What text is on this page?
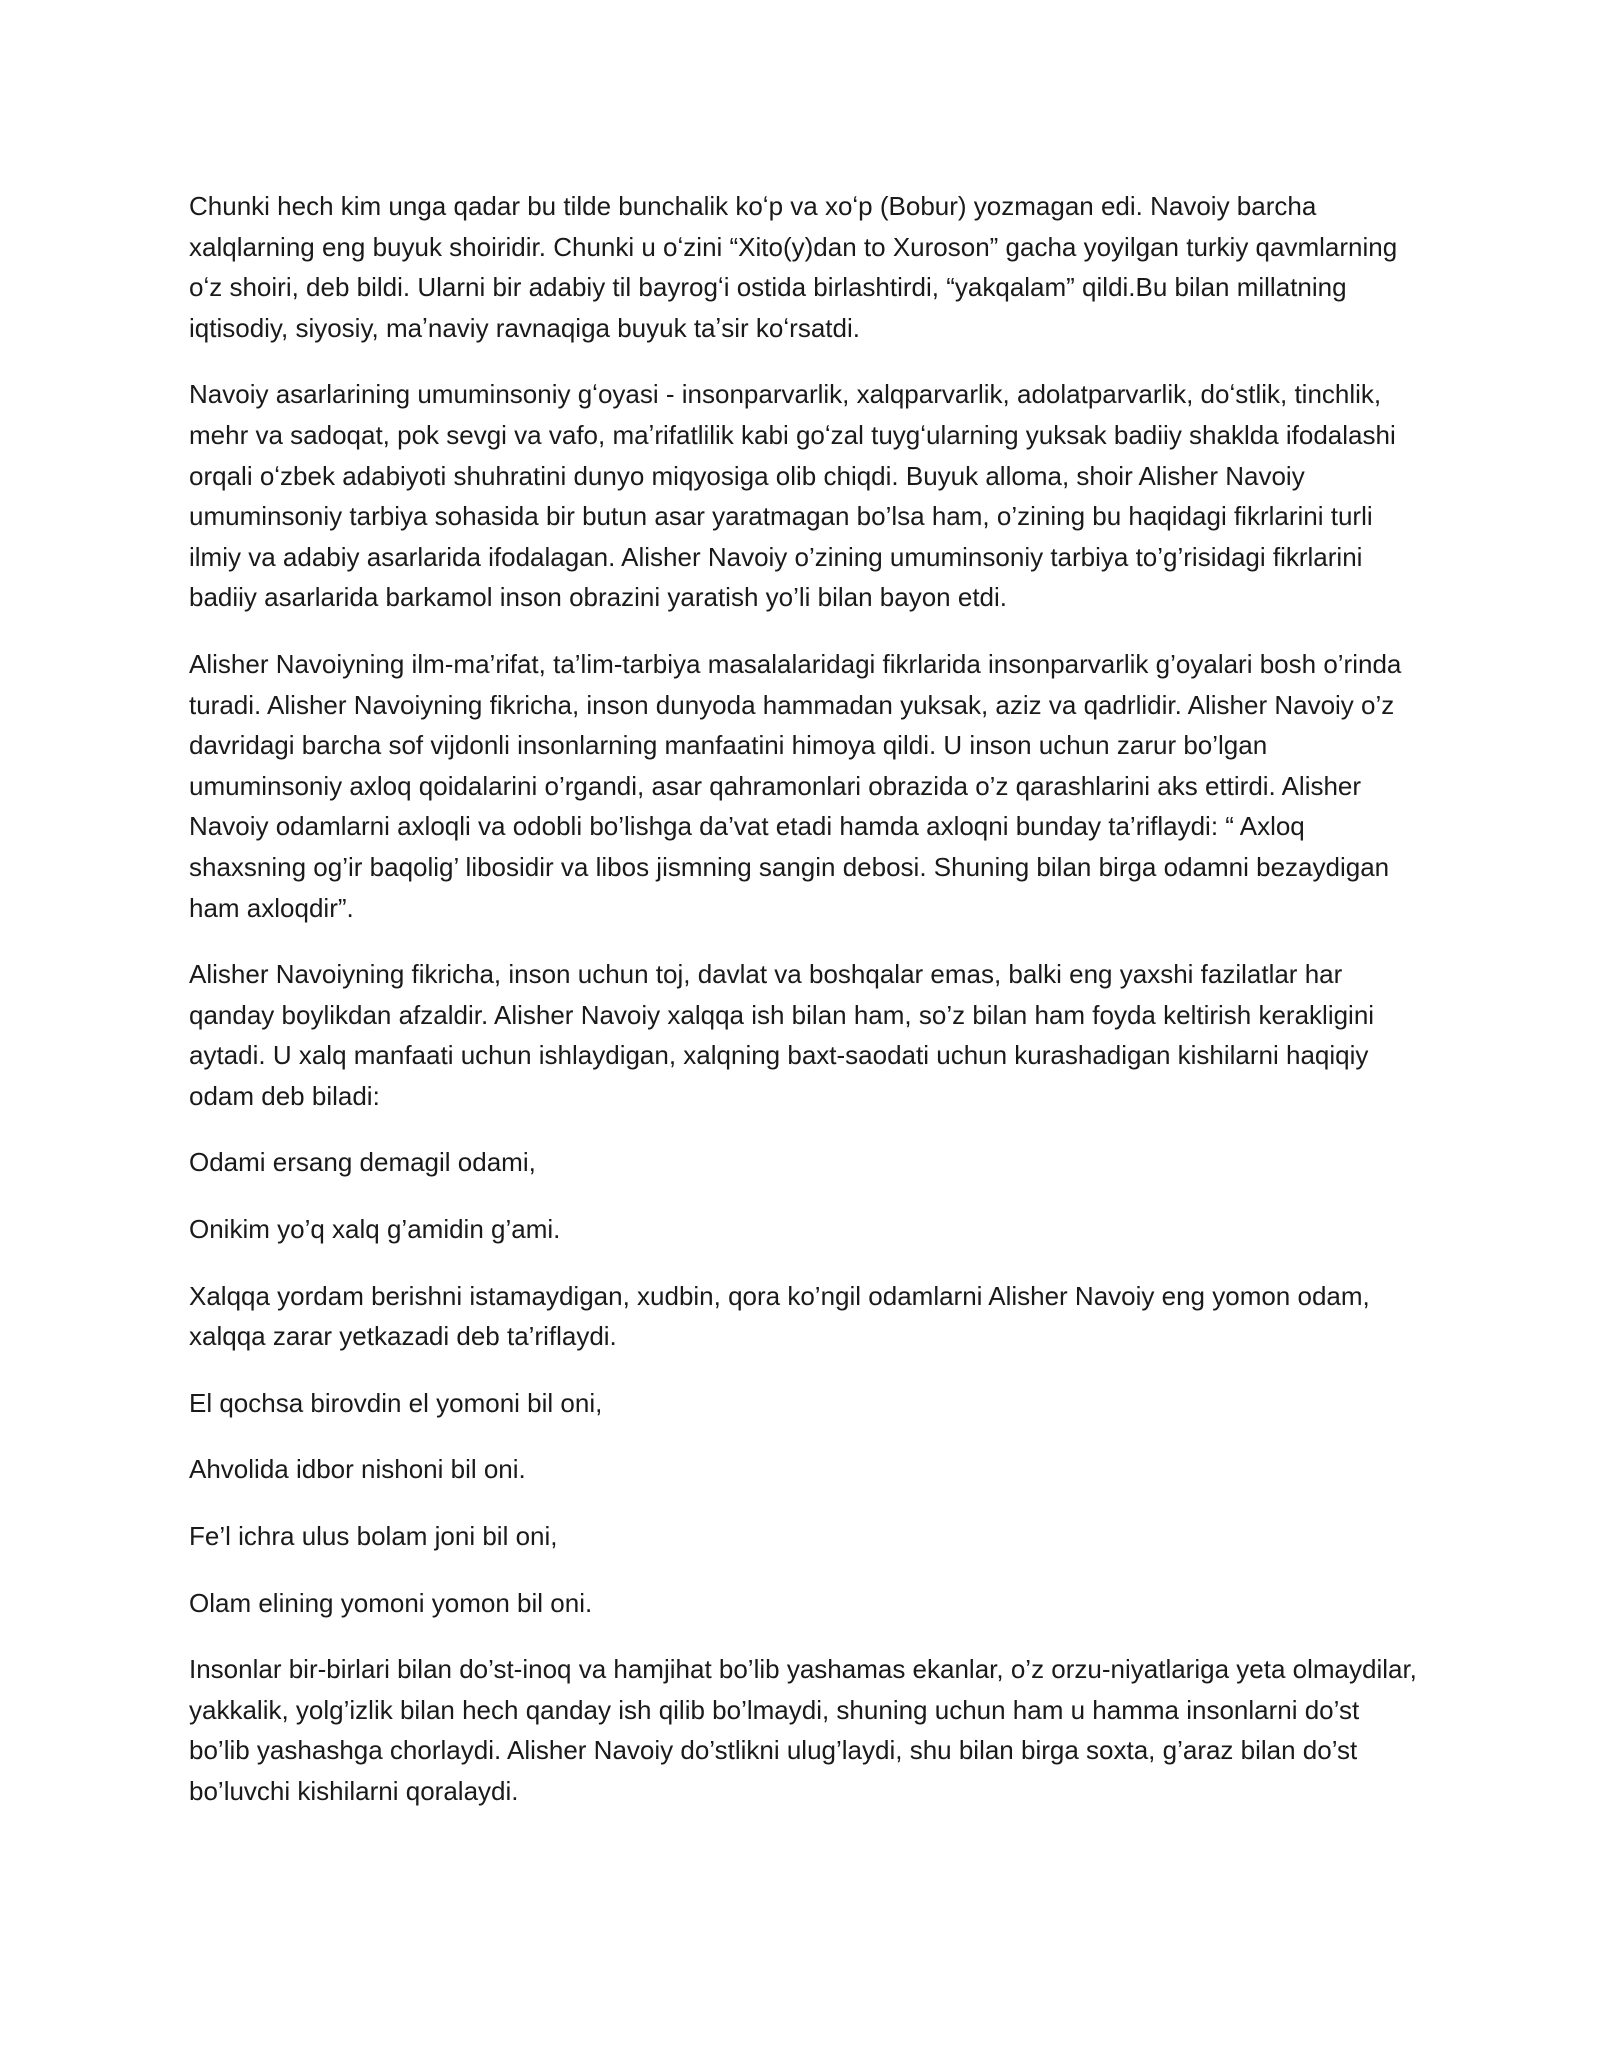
Chunki hech kim unga qadar bu tilde bunchalik koʻp va xoʻp (Bobur) yozmagan edi. Navoiy barcha xalqlarning eng buyuk shoiridir. Chunki u oʻzini “Xito(y)dan to Xuroson” gacha yoyilgan turkiy qavmlarning oʻz shoiri, deb bildi. Ularni bir adabiy til bayrogʻi ostida birlashtirdi, “yakqalam” qildi.Bu bilan millatning iqtisodiy, siyosiy, maʼnaviy ravnaqiga buyuk taʼsir koʻrsatdi.

Navoiy asarlarining umuminsoniy gʻoyasi - insonparvarlik, xalqparvarlik, adolatparvarlik, doʻstlik, tinchlik, mehr va sadoqat, pok sevgi va vafo, maʼrifatlilik kabi goʻzal tuygʻularning yuksak badiiy shaklda ifodalashi orqali oʻzbek adabiyoti shuhratini dunyo miqyosiga olib chiqdi. Buyuk alloma, shoir Alisher Navoiy umuminsoniy tarbiya sohasida bir butun asar yaratmagan bo’lsa ham, o’zining bu haqidagi fikrlarini turli ilmiy va adabiy asarlarida ifodalagan. Alisher Navoiy o’zining umuminsoniy tarbiya to’g’risidagi fikrlarini badiiy asarlarida barkamol inson obrazini yaratish yo’li bilan bayon etdi.

Alisher Navoiyning ilm-ma’rifat, ta’lim-tarbiya masalalaridagi fikrlarida insonparvarlik g’oyalari bosh o’rinda turadi. Alisher Navoiyning fikricha, inson dunyoda hammadan yuksak, aziz va qadrlidir. Alisher Navoiy o’z davridagi barcha sof vijdonli insonlarning manfaatini himoya qildi. U inson uchun zarur bo’lgan umuminsoniy axloq qoidalarini o’rgandi, asar qahramonlari obrazida o’z qarashlarini aks ettirdi. Alisher Navoiy odamlarni axloqli va odobli bo’lishga da’vat etadi hamda axloqni bunday ta’riflaydi: “ Axloq shaxsning og’ir baqolig’ libosidir va libos jismning sangin debosi. Shuning bilan birga odamni bezaydigan ham axloqdir”.

Alisher Navoiyning fikricha, inson uchun toj, davlat va boshqalar emas, balki eng yaxshi fazilatlar har qanday boylikdan afzaldir. Alisher Navoiy xalqqa ish bilan ham, so’z bilan ham foyda keltirish kerakligini aytadi. U xalq manfaati uchun ishlaydigan, xalqning baxt-saodati uchun kurashadigan kishilarni haqiqiy odam deb biladi:

Odami ersang demagil odami,

Onikim yo’q xalq g’amidin g’ami.

Xalqqa yordam berishni istamaydigan, xudbin, qora ko’ngil odamlarni Alisher Navoiy eng yomon odam, xalqqa zarar yetkazadi deb ta’riflaydi.

El qochsa birovdin el yomoni bil oni,

Ahvolida idbor nishoni bil oni.

Fe’l ichra ulus bolam joni bil oni,

Olam elining yomoni yomon bil oni.

Insonlar bir-birlari bilan do’st-inoq va hamjihat bo’lib yashamas ekanlar, o’z orzu-niyatlariga yeta olmaydilar, yakkalik, yolg’izlik bilan hech qanday ish qilib bo’lmaydi, shuning uchun ham u hamma insonlarni do’st bo’lib yashashga chorlaydi. Alisher Navoiy do’stlikni ulug’laydi, shu bilan birga soxta, g’araz bilan do’st bo’luvchi kishilarni qoralaydi.
